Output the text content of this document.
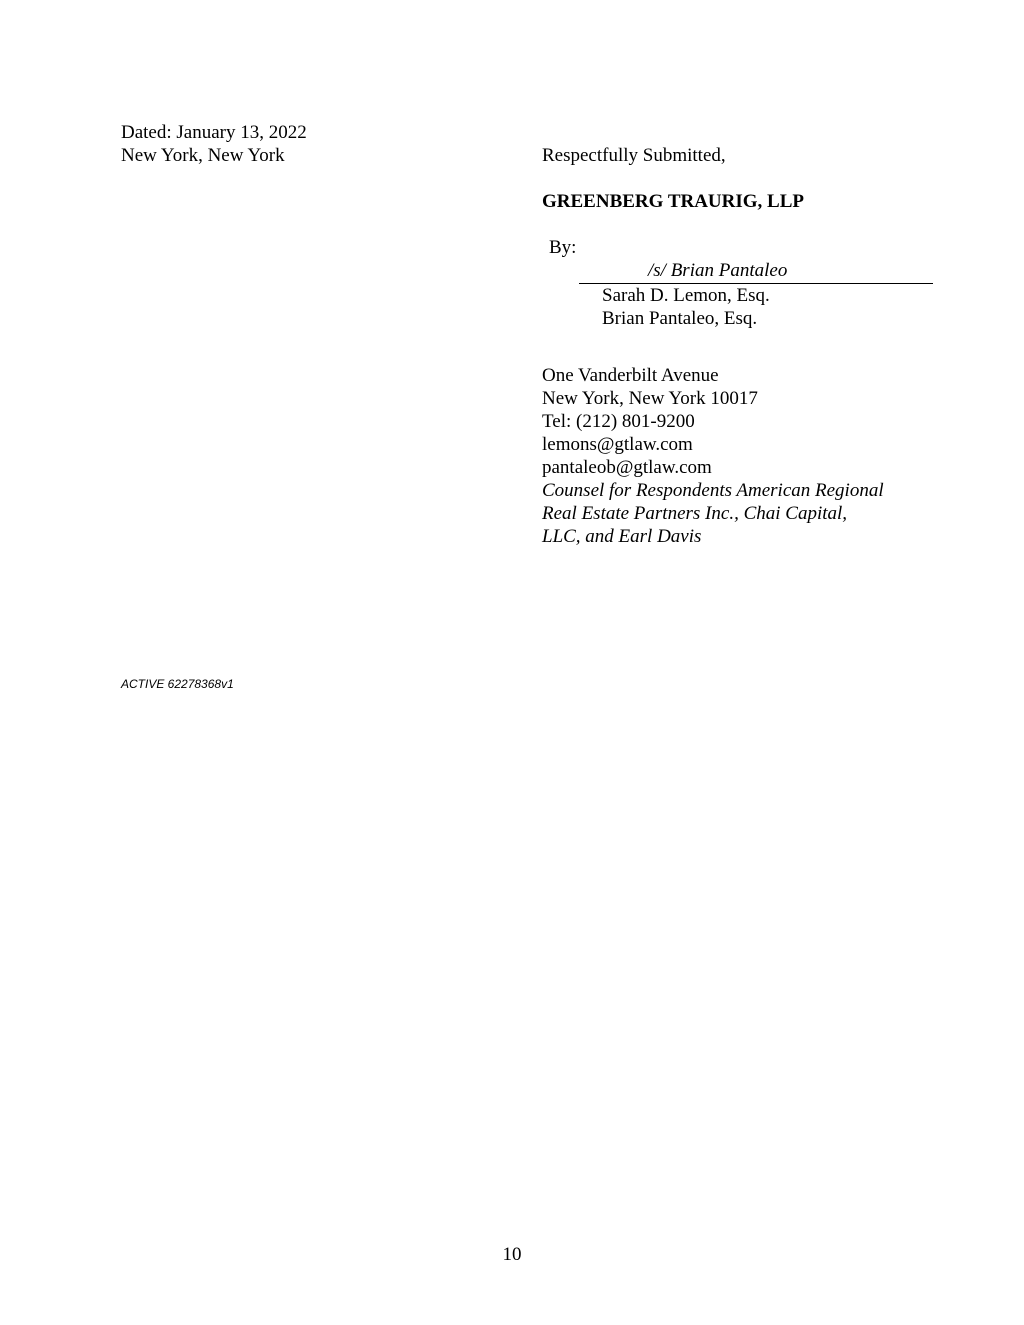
Dated: January 13, 2022
New York, New York	Respectfully Submitted,
GREENBERG TRAURIG, LLP
By:
/s/ Brian Pantaleo
Sarah D. Lemon, Esq.
Brian Pantaleo, Esq.
One Vanderbilt Avenue
New York, New York 10017
Tel: (212) 801-9200
lemons@gtlaw.com
pantaleob@gtlaw.com
Counsel for Respondents American Regional
Real Estate Partners Inc., Chai Capital,
LLC, and Earl Davis
ACTIVE 62278368v1
10
